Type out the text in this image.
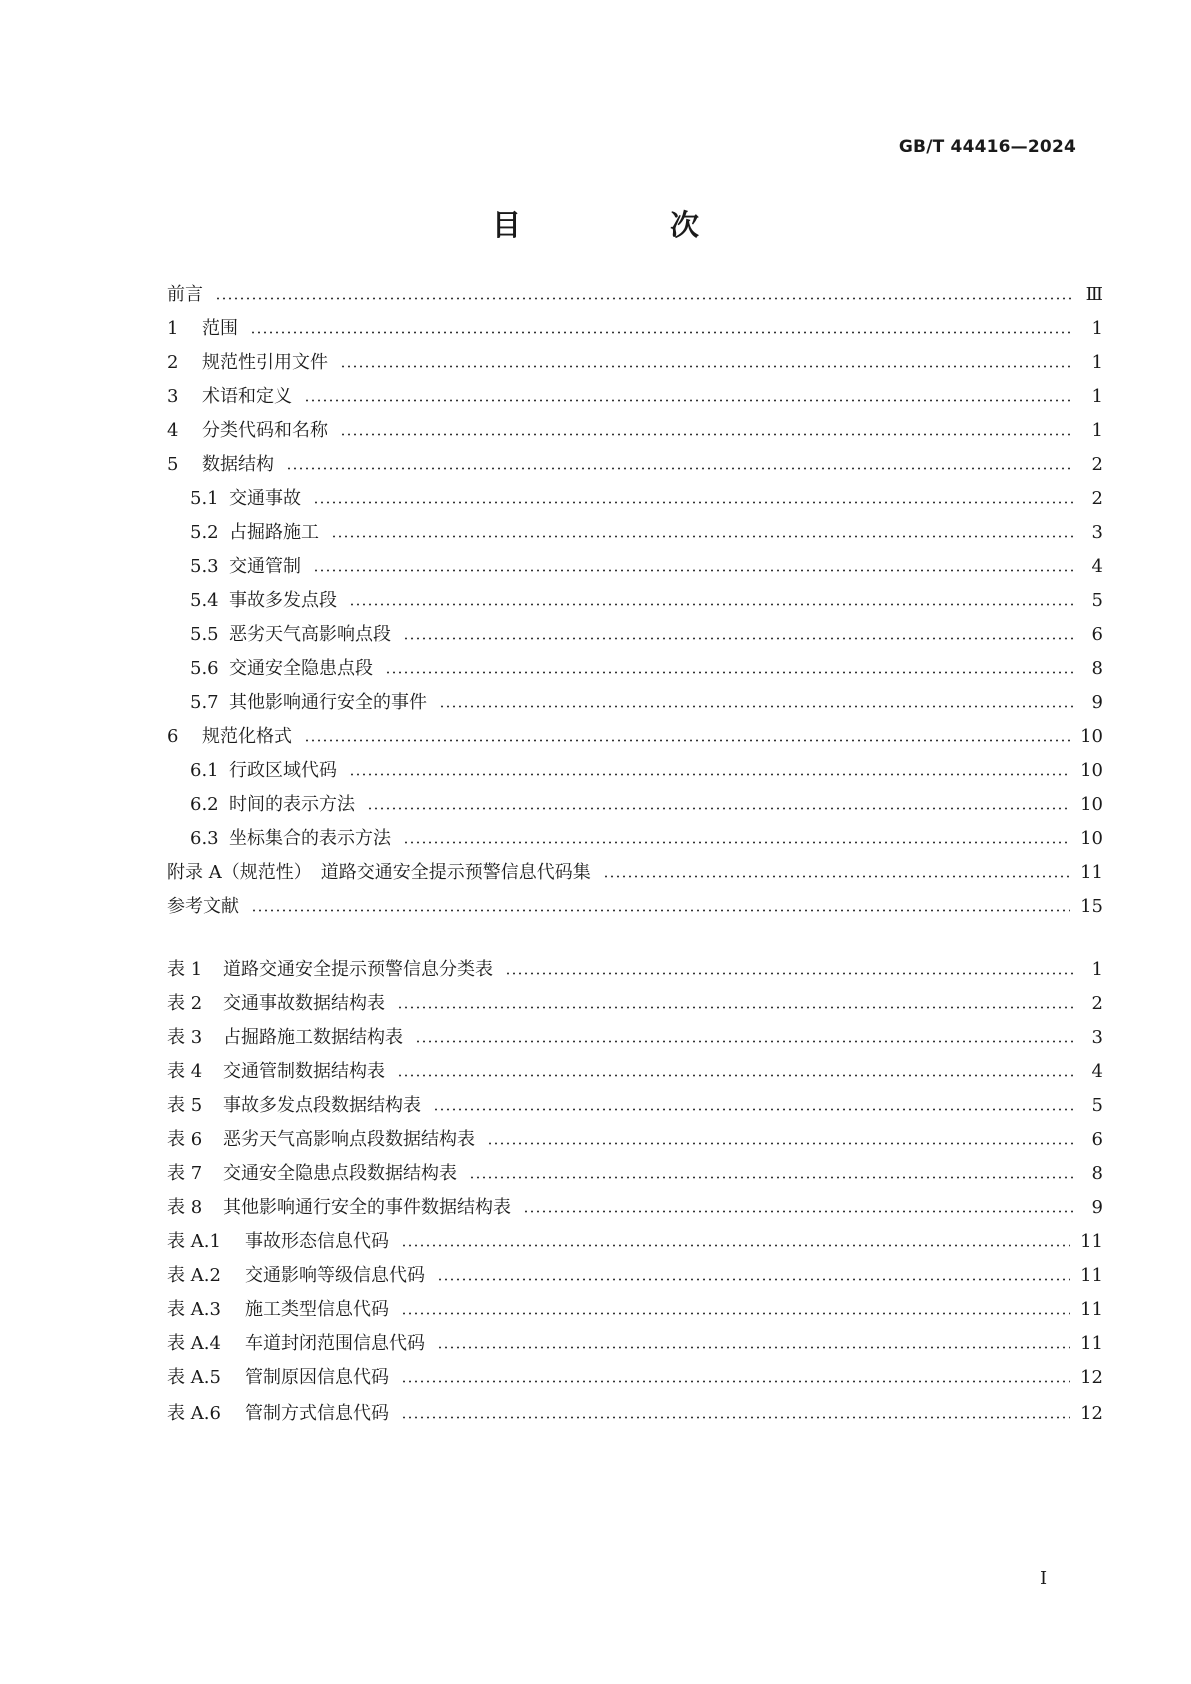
GB/T 44416—2024
目　次
前言	Ⅲ
1	范围	1
2	规范性引用文件	1
3	术语和定义	1
4	分类代码和名称	1
5	数据结构	2
5.1 交通事故	2
5.2 占掘路施工	3
5.3 交通管制	4
5.4 事故多发点段	5
5.5 恶劣天气高影响点段	6
5.6 交通安全隐患点段	8
5.7 其他影响通行安全的事件	9
6	规范化格式	10
6.1 行政区域代码	10
6.2 时间的表示方法	10
6.3 坐标集合的表示方法	10
附录 A（规范性）　道路交通安全提示预警信息代码集	11
参考文献	15
表 1	道路交通安全提示预警信息分类表	1
表 2	交通事故数据结构表	2
表 3	占掘路施工数据结构表	3
表 4	交通管制数据结构表	4
表 5	事故多发点段数据结构表	5
表 6	恶劣天气高影响点段数据结构表	6
表 7	交通安全隐患点段数据结构表	8
表 8	其他影响通行安全的事件数据结构表	9
表 A.1	事故形态信息代码	11
表 A.2	交通影响等级信息代码	11
表 A.3	施工类型信息代码	11
表 A.4	车道封闭范围信息代码	11
表 A.5	管制原因信息代码	12
表 A.6	管制方式信息代码	12
I
